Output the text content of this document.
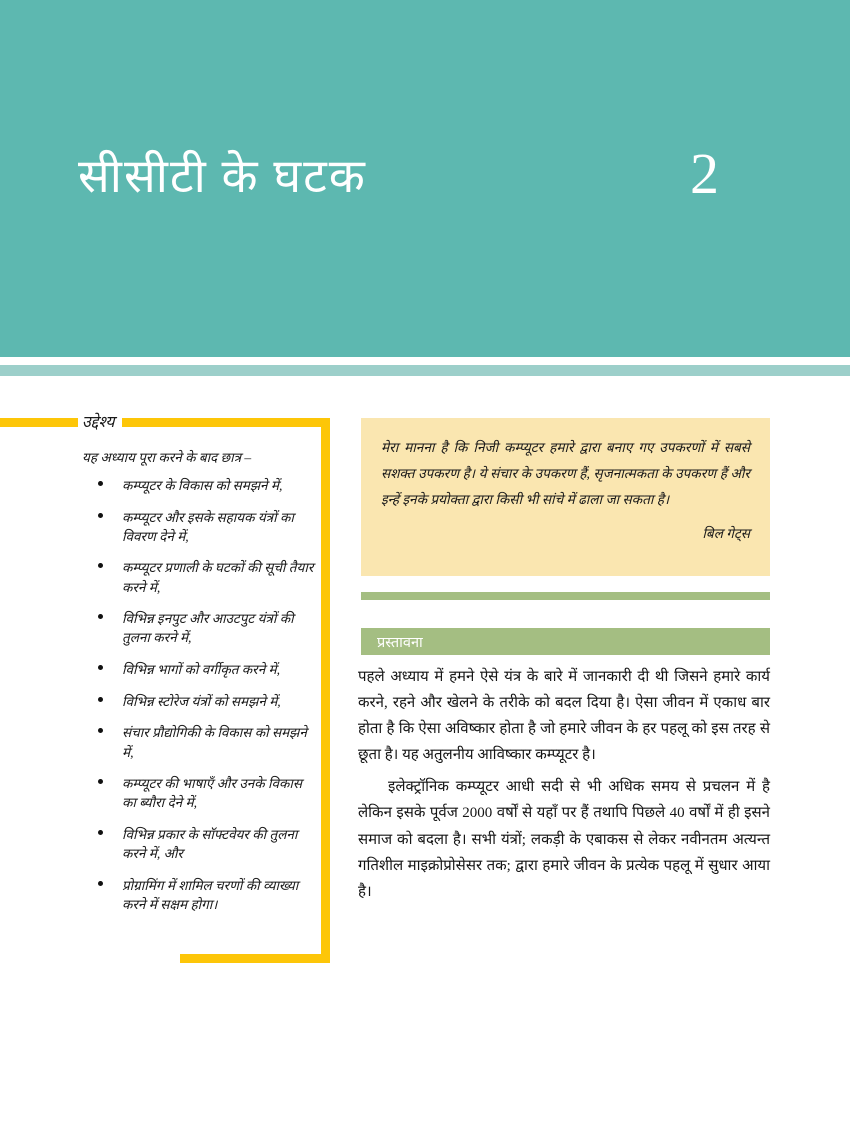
सीसीटी के घटक	2
उद्देश्य
यह अध्याय पूरा करने के बाद छात्र –
कम्प्यूटर के विकास को समझने में,
कम्प्यूटर और इसके सहायक यंत्रों का विवरण देने में,
कम्प्यूटर प्रणाली के घटकों की सूची तैयार करने में,
विभिन्न इनपुट और आउटपुट यंत्रों की तुलना करने में,
विभिन्न भागों को वर्गीकृत करने में,
विभिन्न स्टोरेज यंत्रों को समझने में,
संचार प्रौद्योगिकी के विकास को समझने में,
कम्प्यूटर की भाषाएँ और उनके विकास का ब्यौरा देने में,
विभिन्न प्रकार के सॉफ्टवेयर की तुलना करने में, और
प्रोग्रामिंग में शामिल चरणों की व्याख्या करने में सक्षम होगा।

मेरा मानना है कि निजी कम्प्यूटर हमारे द्वारा बनाए गए उपकरणों में सबसे सशक्त उपकरण है। ये संचार के उपकरण हैं, सृजनात्मकता के उपकरण हैं और इन्हें इनके प्रयोक्ता द्वारा किसी भी सांचे में ढाला जा सकता है।

बिल गेट्स

प्रस्तावना

पहले अध्याय में हमने ऐसे यंत्र के बारे में जानकारी दी थी जिसने हमारे कार्य करने, रहने और खेलने के तरीके को बदल दिया है। ऐसा जीवन में एकाध बार होता है कि ऐसा अविष्कार होता है जो हमारे जीवन के हर पहलू को इस तरह से छूता है। यह अतुलनीय आविष्कार कम्प्यूटर है।

इलेक्ट्रॉनिक कम्प्यूटर आधी सदी से भी अधिक समय से प्रचलन में है लेकिन इसके पूर्वज 2000 वर्षों से यहाँ पर हैं तथापि पिछले 40 वर्षों में ही इसने समाज को बदला है। सभी यंत्रों; लकड़ी के एबाकस से लेकर नवीनतम अत्यन्त गतिशील माइक्रोप्रोसेसर तक; द्वारा हमारे जीवन के प्रत्येक पहलू में सुधार आया है।
